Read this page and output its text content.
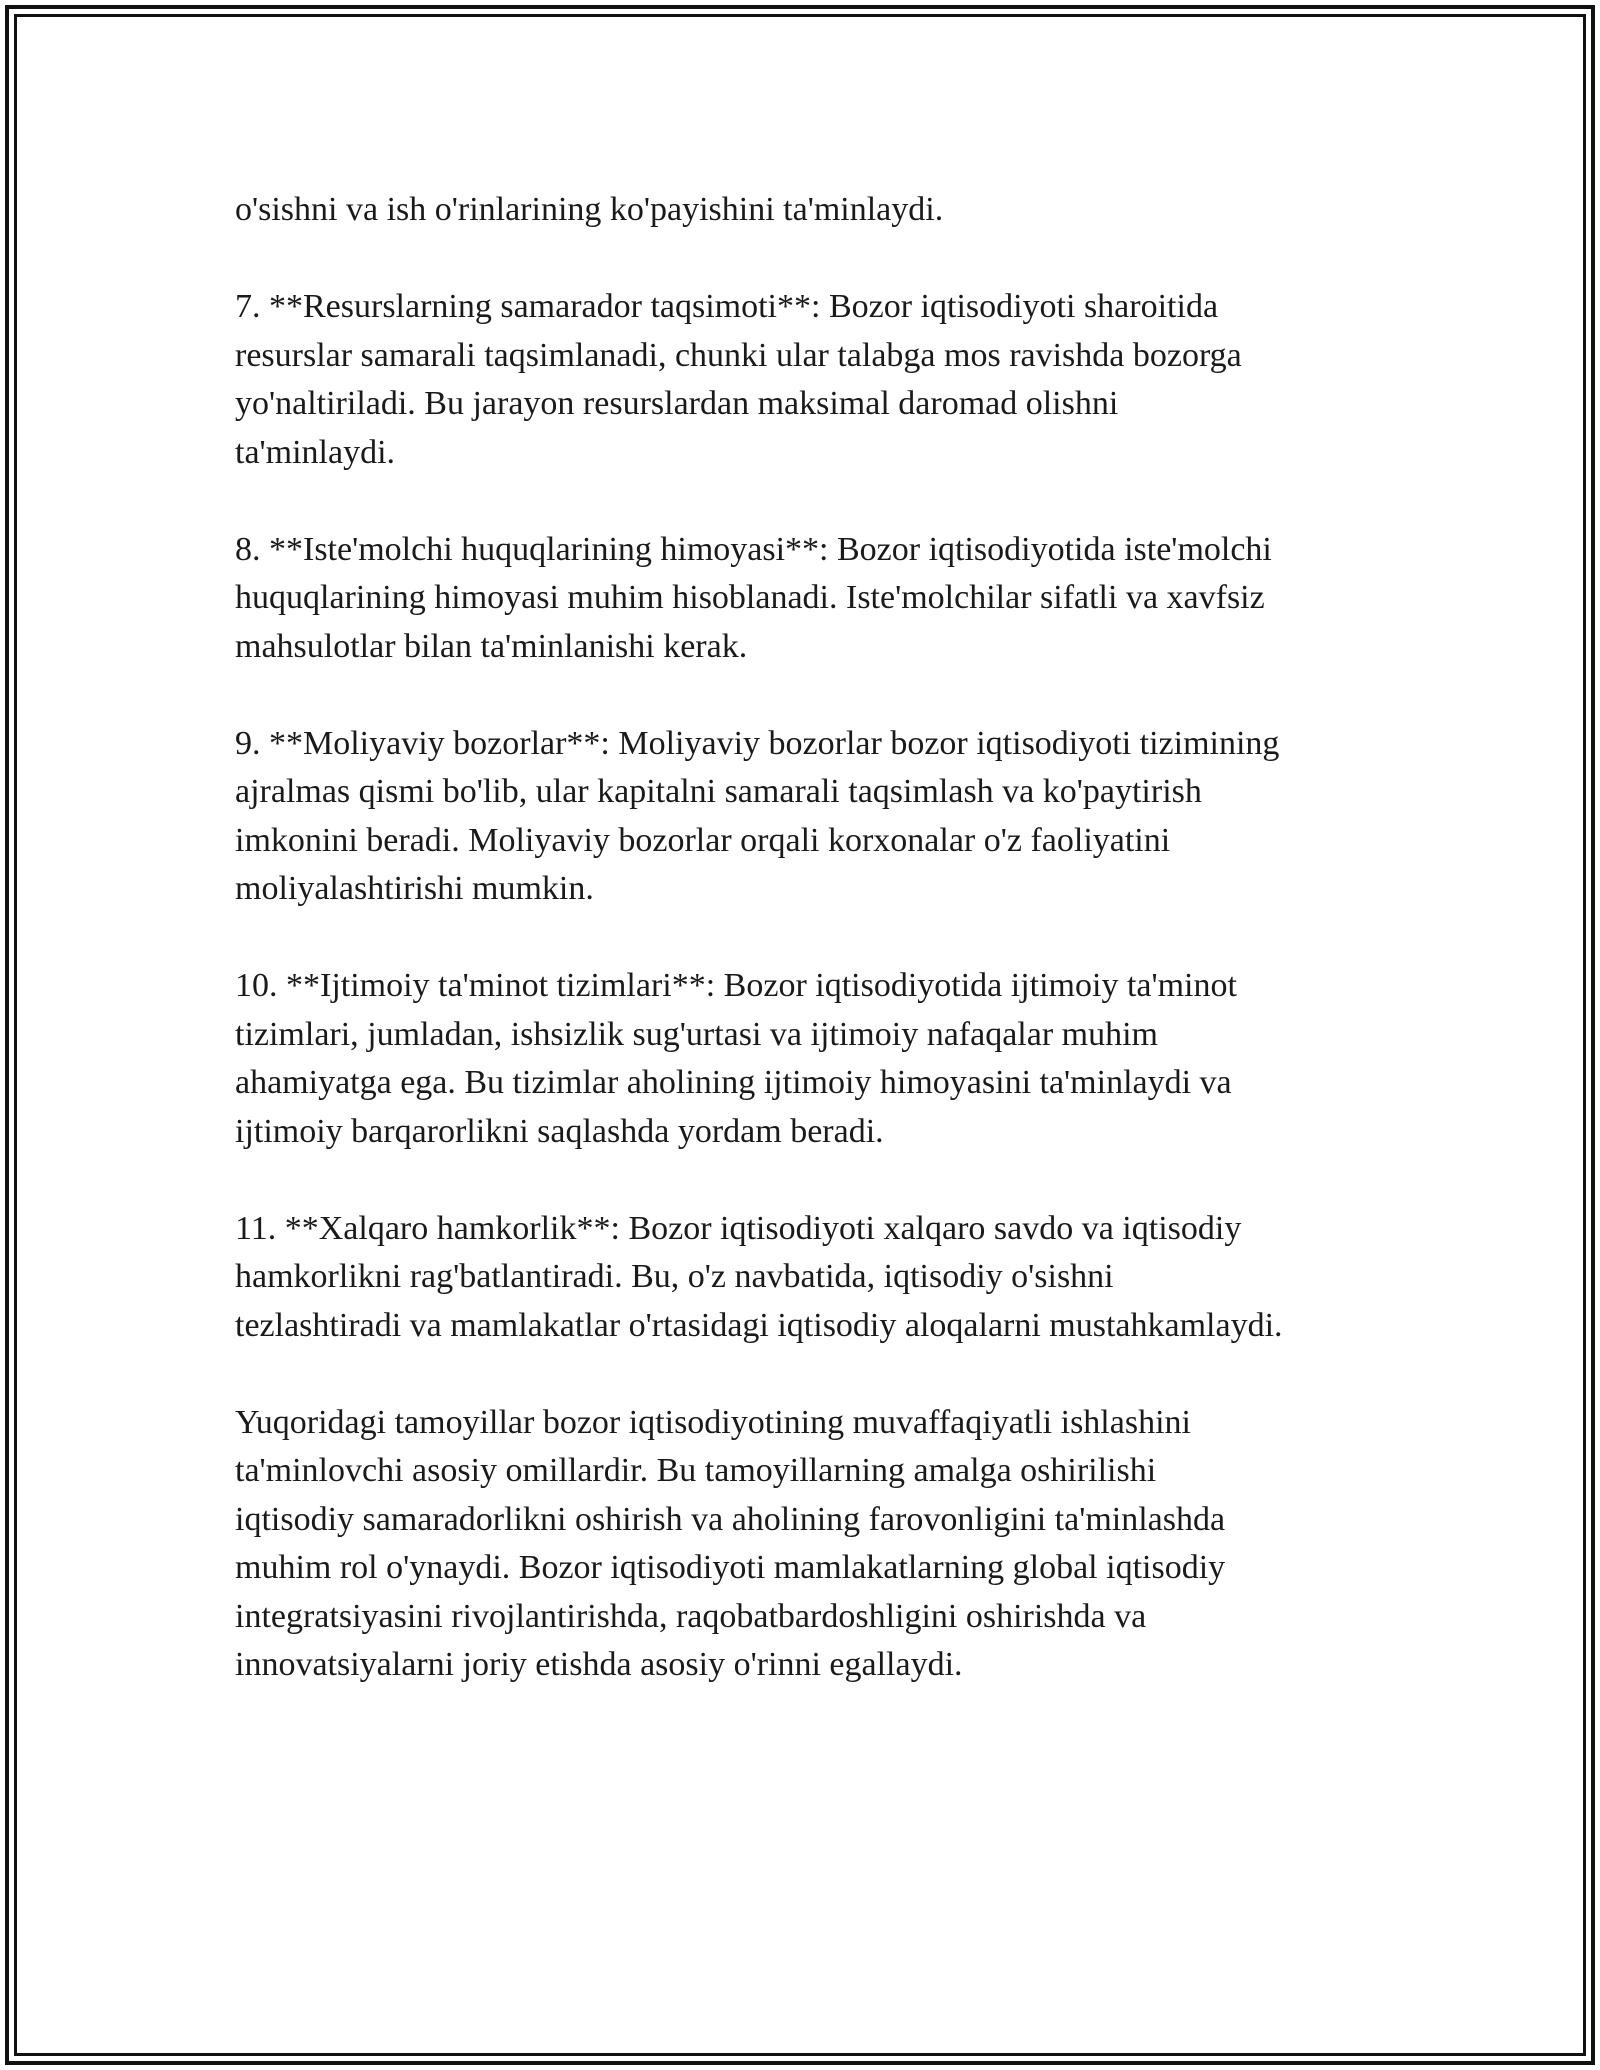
o'sishni va ish o'rinlarining ko'payishini ta'minlaydi.

7. **Resurslarning samarador taqsimoti**: Bozor iqtisodiyoti sharoitida
resurslar samarali taqsimlanadi, chunki ular talabga mos ravishda bozorga
yo'naltiriladi. Bu jarayon resurslardan maksimal daromad olishni
ta'minlaydi.

8. **Iste'molchi huquqlarining himoyasi**: Bozor iqtisodiyotida iste'molchi
huquqlarining himoyasi muhim hisoblanadi. Iste'molchilar sifatli va xavfsiz
mahsulotlar bilan ta'minlanishi kerak.

9. **Moliyaviy bozorlar**: Moliyaviy bozorlar bozor iqtisodiyoti tizimining
ajralmas qismi bo'lib, ular kapitalni samarali taqsimlash va ko'paytirish
imkonini beradi. Moliyaviy bozorlar orqali korxonalar o'z faoliyatini
moliyalashtirishi mumkin.

10. **Ijtimoiy ta'minot tizimlari**: Bozor iqtisodiyotida ijtimoiy ta'minot
tizimlari, jumladan, ishsizlik sug'urtasi va ijtimoiy nafaqalar muhim
ahamiyatga ega. Bu tizimlar aholining ijtimoiy himoyasini ta'minlaydi va
ijtimoiy barqarorlikni saqlashda yordam beradi.

11. **Xalqaro hamkorlik**: Bozor iqtisodiyoti xalqaro savdo va iqtisodiy
hamkorlikni rag'batlantiradi. Bu, o'z navbatida, iqtisodiy o'sishni
tezlashtiradi va mamlakatlar o'rtasidagi iqtisodiy aloqalarni mustahkamlaydi.

Yuqoridagi tamoyillar bozor iqtisodiyotining muvaffaqiyatli ishlashini
ta'minlovchi asosiy omillardir. Bu tamoyillarning amalga oshirilishi
iqtisodiy samaradorlikni oshirish va aholining farovonligini ta'minlashda
muhim rol o'ynaydi. Bozor iqtisodiyoti mamlakatlarning global iqtisodiy
integratsiyasini rivojlantirishda, raqobatbardoshligini oshirishda va
innovatsiyalarni joriy etishda asosiy o'rinni egallaydi.
